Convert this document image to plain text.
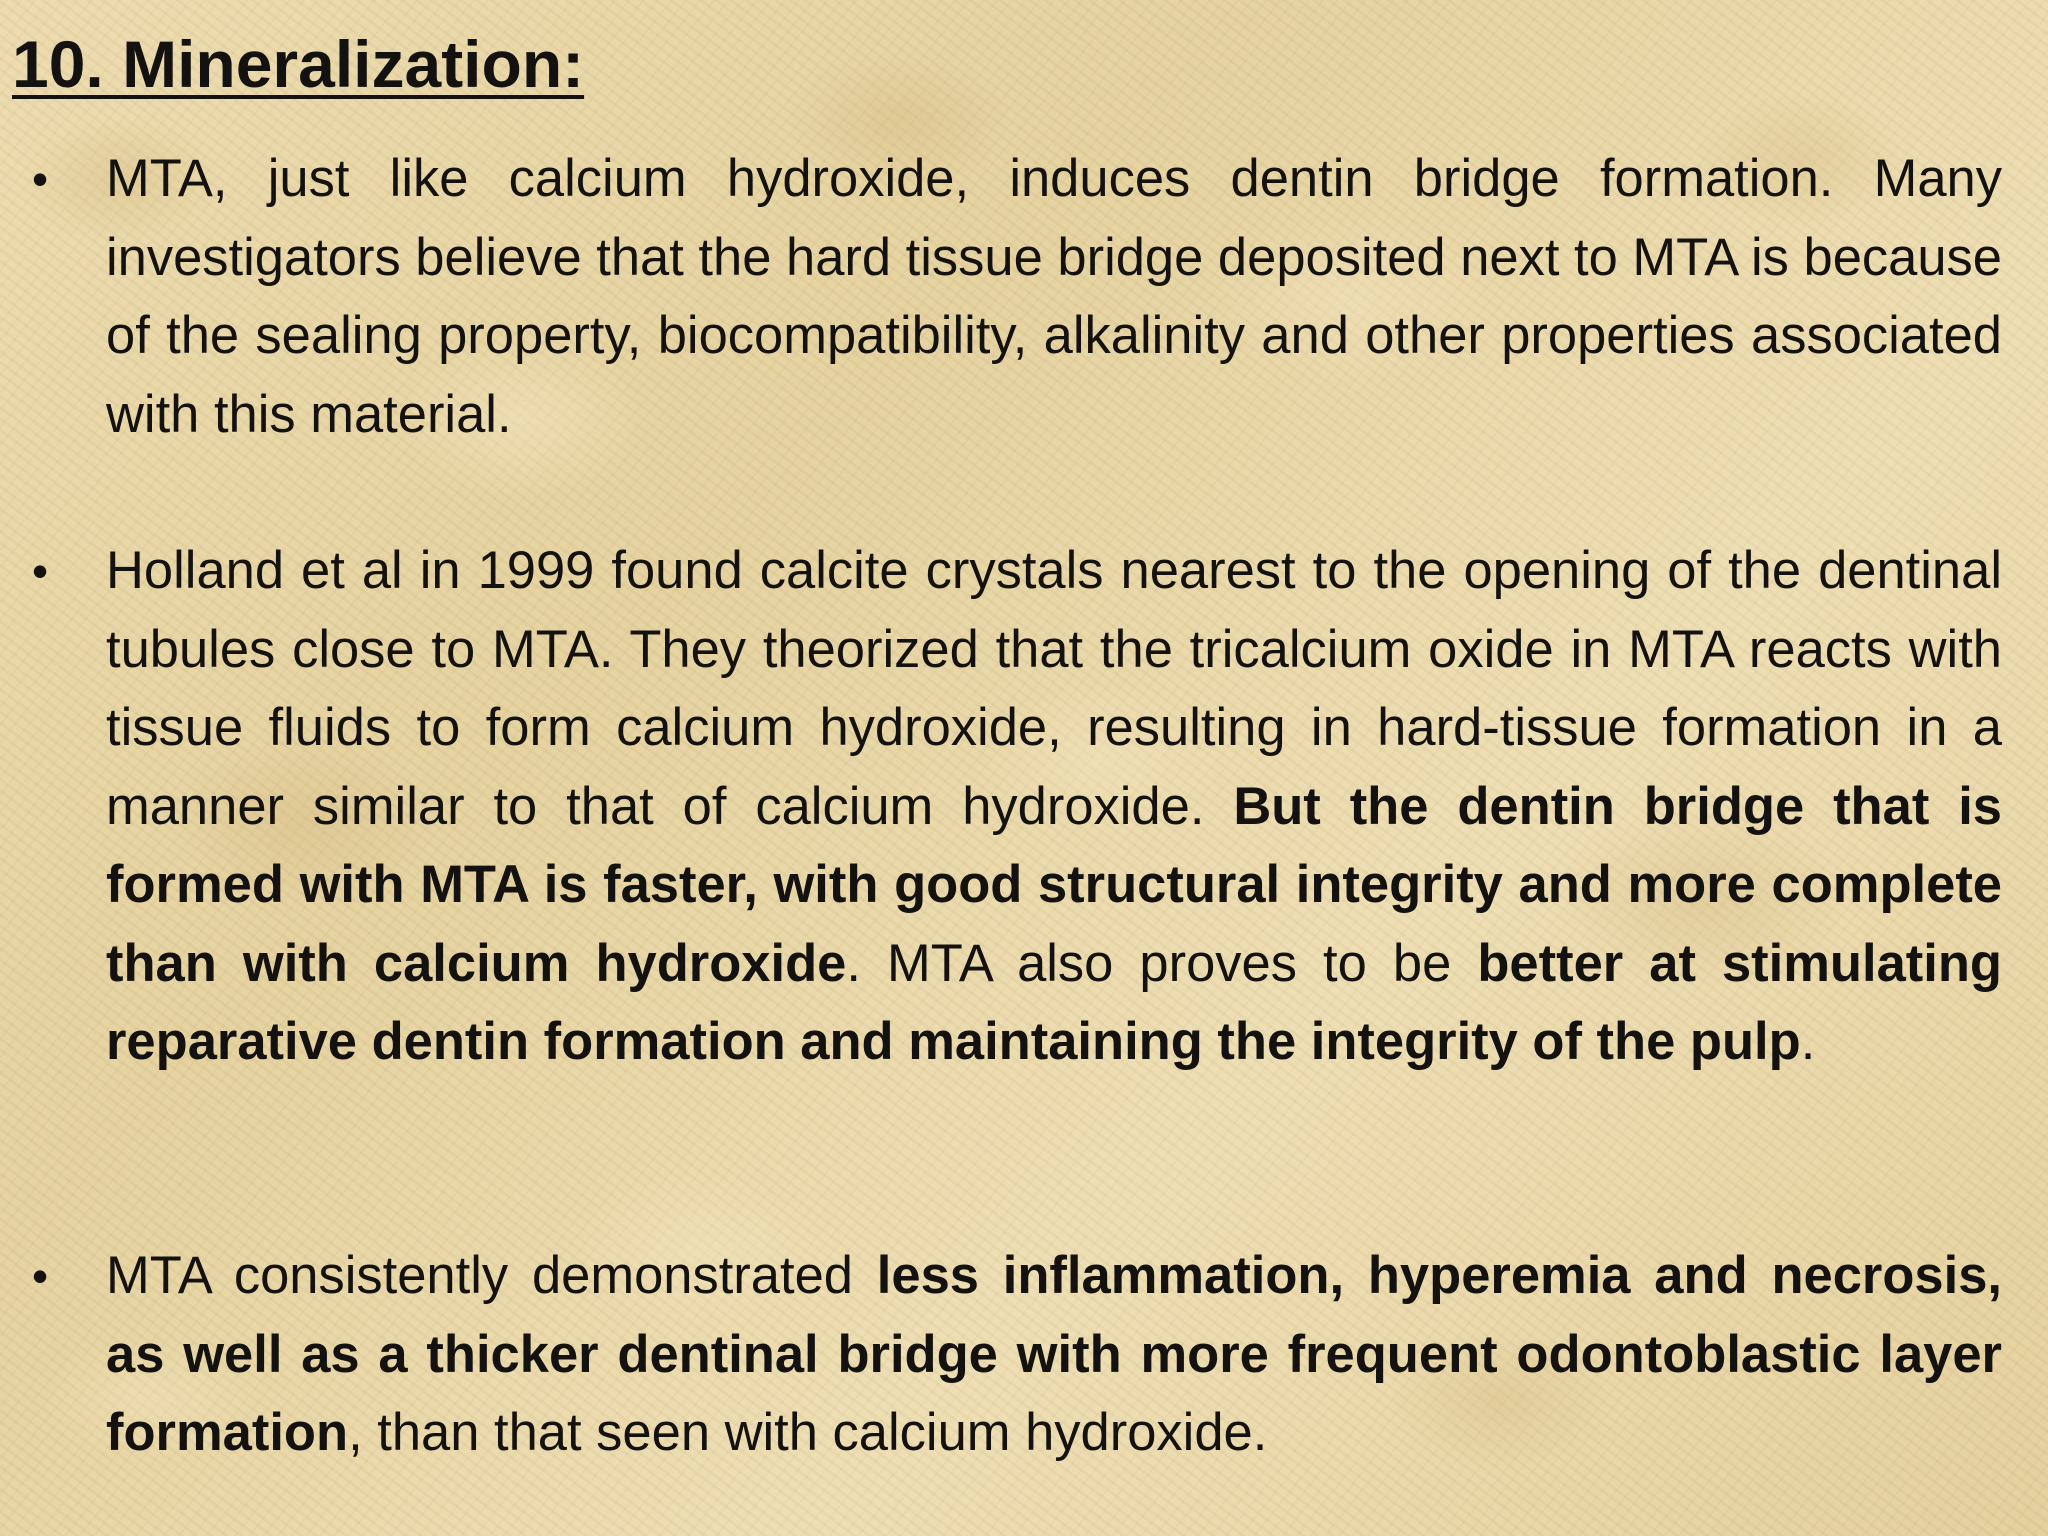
10. Mineralization:
• MTA, just like calcium hydroxide, induces dentin bridge formation. Many investigators believe that the hard tissue bridge deposited next to MTA is because of the sealing property, biocompatibility, alkalinity and other properties associated with this material.
• Holland et al in 1999 found calcite crystals nearest to the opening of the dentinal tubules close to MTA. They theorized that the tricalcium oxide in MTA reacts with tissue fluids to form calcium hydroxide, resulting in hard-tissue formation in a manner similar to that of calcium hydroxide. But the dentin bridge that is formed with MTA is faster, with good structural integrity and more complete than with calcium hydroxide. MTA also proves to be better at stimulating reparative dentin formation and maintaining the integrity of the pulp.
• MTA consistently demonstrated less inflammation, hyperemia and necrosis, as well as a thicker dentinal bridge with more frequent odontoblastic layer formation, than that seen with calcium hydroxide.
